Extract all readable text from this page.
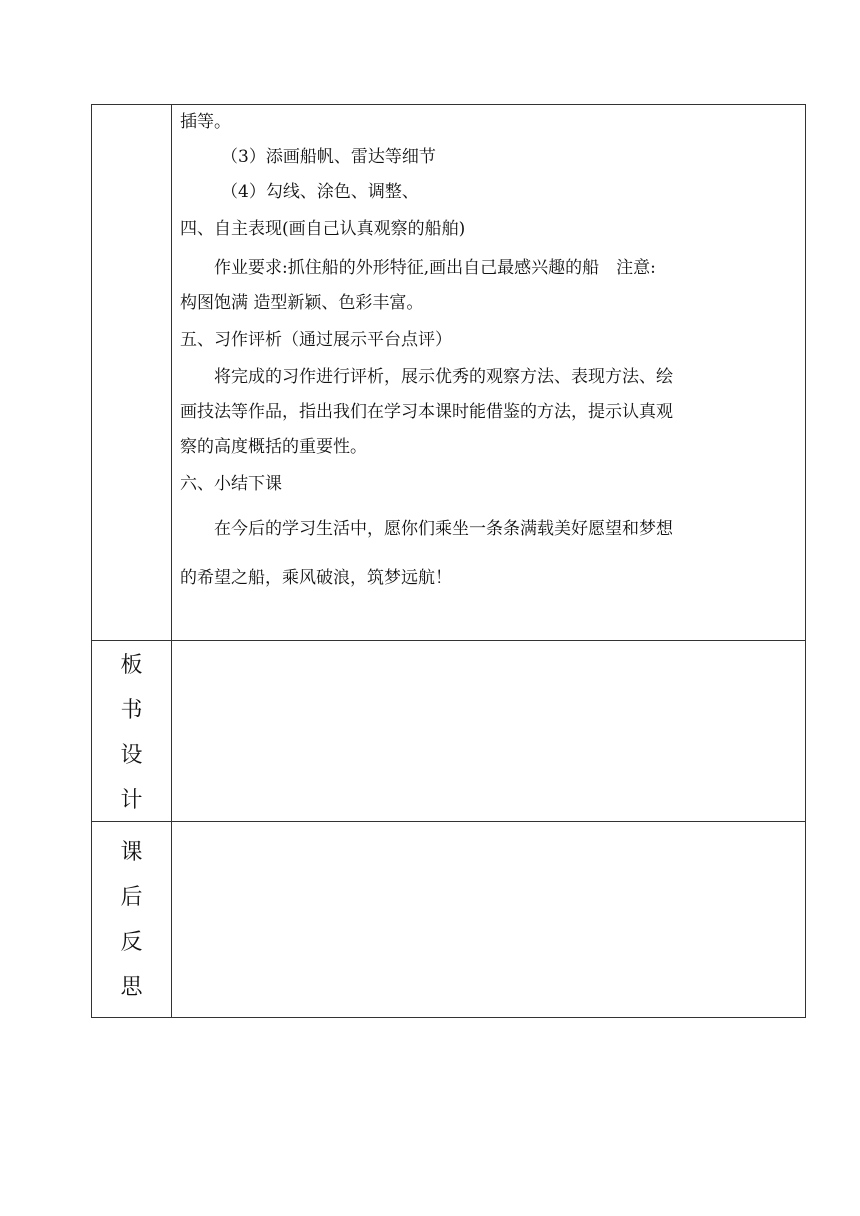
插等。

（3）添画船帆、雷达等细节

（4）勾线、涂色、调整、

四、自主表现(画自己认真观察的船舶)

作业要求:抓住船的外形特征,画出自己最感兴趣的船　注意:

构图饱满 造型新颖、色彩丰富。

五、习作评析（通过展示平台点评）

将完成的习作进行评析，展示优秀的观察方法、表现方法、绘

画技法等作品，指出我们在学习本课时能借鉴的方法，提示认真观

察的高度概括的重要性。

六、小结下课

在今后的学习生活中，愿你们乘坐一条条满载美好愿望和梦想

的希望之船，乘风破浪，筑梦远航！

板
书
设
计
课
后
反
思
